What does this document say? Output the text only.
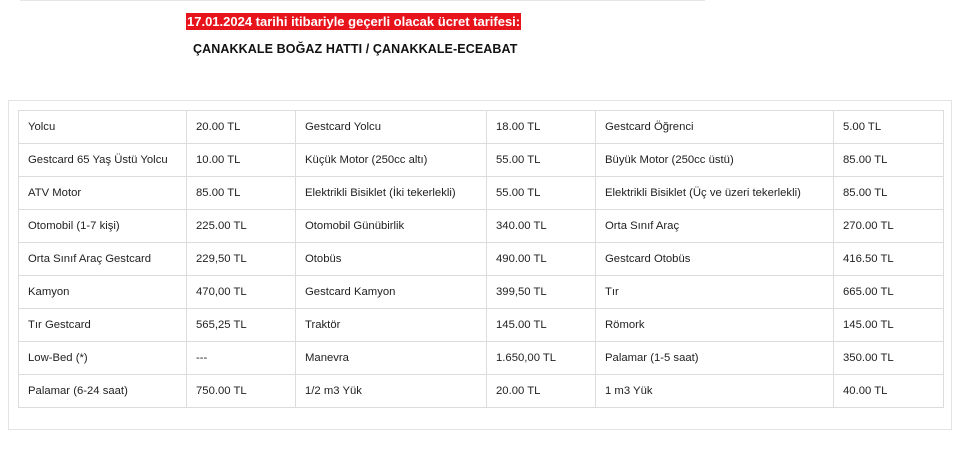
17.01.2024 tarihi itibariyle geçerli olacak ücret tarifesi:
ÇANAKKALE BOĞAZ HATTI / ÇANAKKALE-ECEABAT
Yolcu	20.00 TL	Gestcard Yolcu	18.00 TL	Gestcard Öğrenci	5.00 TL
Gestcard 65 Yaş Üstü Yolcu	10.00 TL	Küçük Motor (250cc altı)	55.00 TL	Büyük Motor (250cc üstü)	85.00 TL
ATV Motor	85.00 TL	Elektrikli Bisiklet (İki tekerlekli)	55.00 TL	Elektrikli Bisiklet (Üç ve üzeri tekerlekli)	85.00 TL
Otomobil (1-7 kişi)	225.00 TL	Otomobil Günübirlik	340.00 TL	Orta Sınıf Araç	270.00 TL
Orta Sınıf Araç Gestcard	229,50 TL	Otobüs	490.00 TL	Gestcard Otobüs	416.50 TL
Kamyon	470,00 TL	Gestcard Kamyon	399,50 TL	Tır	665.00 TL
Tır Gestcard	565,25 TL	Traktör	145.00 TL	Römork	145.00 TL
Low-Bed (*)	---	Manevra	1.650,00 TL	Palamar (1-5 saat)	350.00 TL
Palamar (6-24 saat)	750.00 TL	1/2 m3 Yük	20.00 TL	1 m3 Yük	40.00 TL
